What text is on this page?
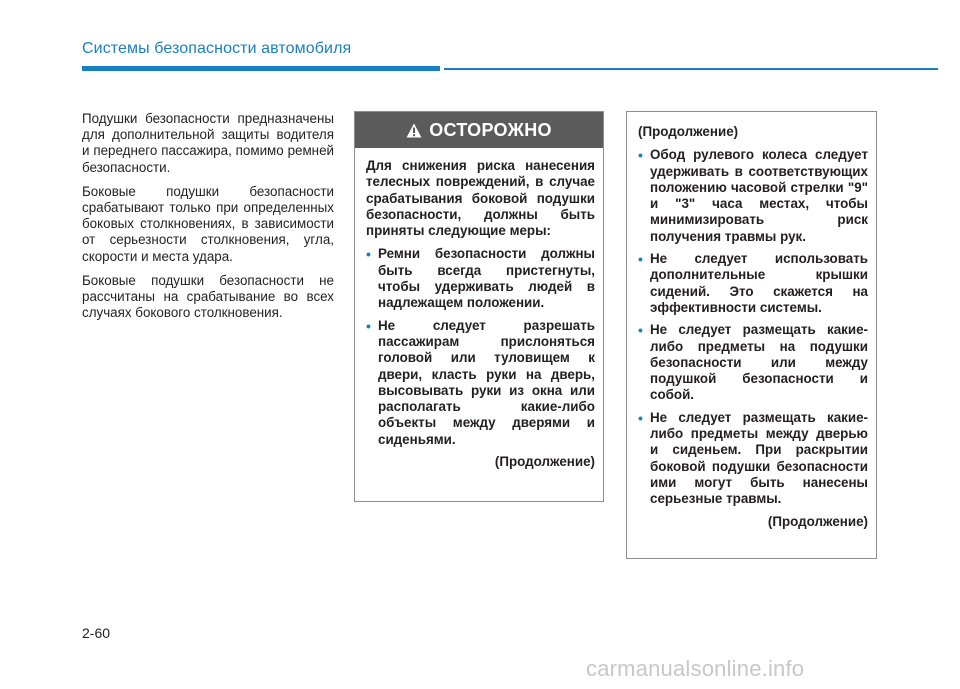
Системы безопасности автомобиля

Подушки безопасности предназначены для дополнительной защиты водителя и переднего пассажира, помимо ремней безопасности.

Боковые подушки безопасности срабатывают только при определенных боковых столкновениях, в зависимости от серьезности столкновения, угла, скорости и места удара.

Боковые подушки безопасности не рассчитаны на срабатывание во всех случаях бокового столкновения.

ОСТОРОЖНО

Для снижения риска нанесения телесных повреждений, в случае срабатывания боковой подушки безопасности, должны быть приняты следующие меры:

• Ремни безопасности должны быть всегда пристегнуты, чтобы удерживать людей в надлежащем положении.
• Не следует разрешать пассажирам прислоняться головой или туловищем к двери, класть руки на дверь, высовывать руки из окна или располагать какие-либо объекты между дверями и сиденьями.
(Продолжение)

(Продолжение)

• Обод рулевого колеса следует удерживать в соответствующих положению часовой стрелки "9" и "3" часа местах, чтобы минимизировать риск получения травмы рук.
• Не следует использовать дополнительные крышки сидений. Это скажется на эффективности системы.
• Не следует размещать какие-либо предметы на подушки безопасности или между подушкой безопасности и собой.
• Не следует размещать какие-либо предметы между дверью и сиденьем. При раскрытии боковой подушки безопасности ими могут быть нанесены серьезные травмы.
(Продолжение)
2-60
carmanualsonline.info
